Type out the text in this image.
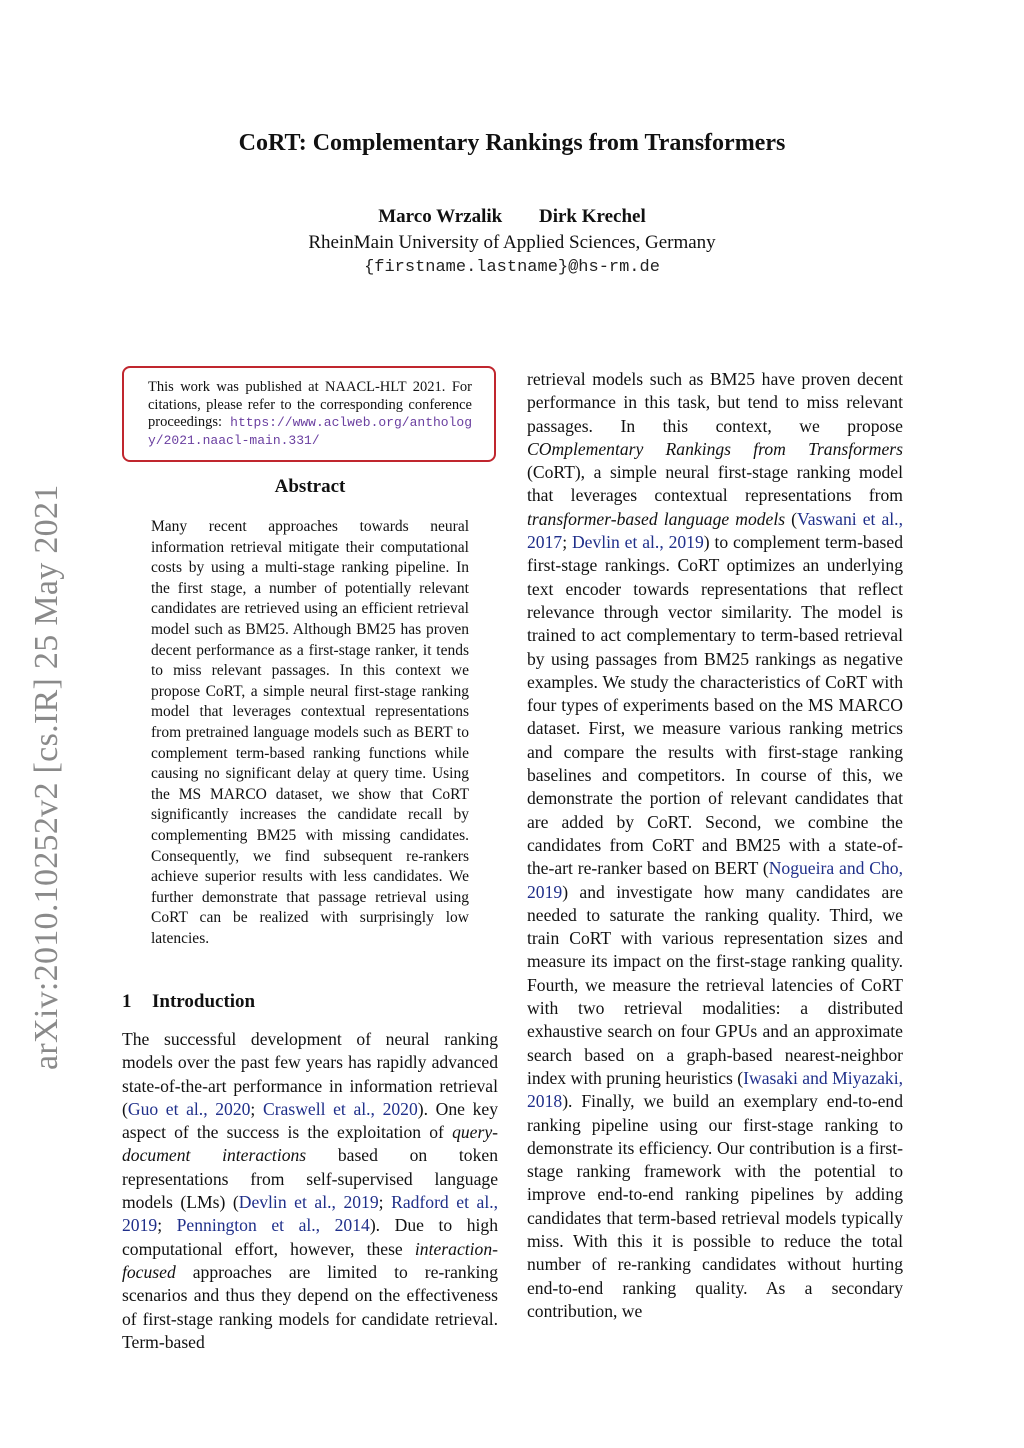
arXiv:2010.10252v2 [cs.IR] 25 May 2021
CoRT: Complementary Rankings from Transformers
Marco Wrzalik Dirk Krechel
RheinMain University of Applied Sciences, Germany
{firstname.lastname}@hs-rm.de
This work was published at NAACL-HLT 2021. For citations, please refer to the corresponding conference proceedings: https://www.aclweb.org/anthology/2021.naacl-main.331/
Abstract

Many recent approaches towards neural information retrieval mitigate their computational costs by using a multi-stage ranking pipeline. In the first stage, a number of potentially relevant candidates are retrieved using an efficient retrieval model such as BM25. Although BM25 has proven decent performance as a first-stage ranker, it tends to miss relevant passages. In this context we propose CoRT, a simple neural first-stage ranking model that leverages contextual representations from pretrained language models such as BERT to complement term-based ranking functions while causing no significant delay at query time. Using the MS MARCO dataset, we show that CoRT significantly increases the candidate recall by complementing BM25 with missing candidates. Consequently, we find subsequent re-rankers achieve superior results with less candidates. We further demonstrate that passage retrieval using CoRT can be realized with surprisingly low latencies.

1 Introduction

The successful development of neural ranking models over the past few years has rapidly advanced state-of-the-art performance in information retrieval (Guo et al., 2020; Craswell et al., 2020). One key aspect of the success is the exploitation of query-document interactions based on token representations from self-supervised language models (LMs) (Devlin et al., 2019; Radford et al., 2019; Pennington et al., 2014). Due to high computational effort, however, these interaction-focused approaches are limited to re-ranking scenarios and thus they depend on the effectiveness of first-stage ranking models for candidate retrieval. Term-based

retrieval models such as BM25 have proven decent performance in this task, but tend to miss relevant passages. In this context, we propose COmplementary Rankings from Transformers (CoRT), a simple neural first-stage ranking model that leverages contextual representations from transformer-based language models (Vaswani et al., 2017; Devlin et al., 2019) to complement term-based first-stage rankings. CoRT optimizes an underlying text encoder towards representations that reflect relevance through vector similarity. The model is trained to act complementary to term-based retrieval by using passages from BM25 rankings as negative examples. We study the characteristics of CoRT with four types of experiments based on the MS MARCO dataset. First, we measure various ranking metrics and compare the results with first-stage ranking baselines and competitors. In course of this, we demonstrate the portion of relevant candidates that are added by CoRT. Second, we combine the candidates from CoRT and BM25 with a state-of-the-art re-ranker based on BERT (Nogueira and Cho, 2019) and investigate how many candidates are needed to saturate the ranking quality. Third, we train CoRT with various representation sizes and measure its impact on the first-stage ranking quality. Fourth, we measure the retrieval latencies of CoRT with two retrieval modalities: a distributed exhaustive search on four GPUs and an approximate search based on a graph-based nearest-neighbor index with pruning heuristics (Iwasaki and Miyazaki, 2018). Finally, we build an exemplary end-to-end ranking pipeline using our first-stage ranking to demonstrate its efficiency. Our contribution is a first-stage ranking framework with the potential to improve end-to-end ranking pipelines by adding candidates that term-based retrieval models typically miss. With this it is possible to reduce the total number of re-ranking candidates without hurting end-to-end ranking quality. As a secondary contribution, we
